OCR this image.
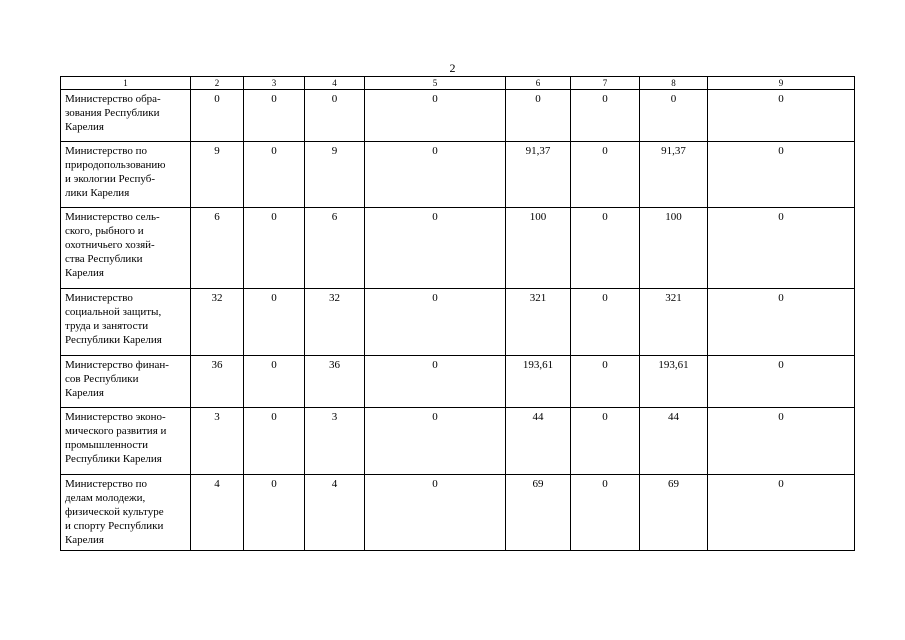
2
1	2	3	4	5	6	7	8	9

Министерство обра-
зования Республики
Карелия	0	0	0	0	0	0	0	0

Министерство по
природопользованию
и экологии Респуб-
лики Карелия	9	0	9	0	91,37	0	91,37	0

Министерство сель-
ского, рыбного и
охотничьего хозяй-
ства Республики
Карелия	6	0	6	0	100	0	100	0

Министерство
социальной защиты,
труда и занятости
Республики Карелия	32	0	32	0	321	0	321	0

Министерство финан-
сов Республики
Карелия	36	0	36	0	193,61	0	193,61	0

Министерство эконо-
мического развития и
промышленности
Республики Карелия	3	0	3	0	44	0	44	0

Министерство по
делам молодежи,
физической культуре
и спорту Республики
Карелия	4	0	4	0	69	0	69	0
